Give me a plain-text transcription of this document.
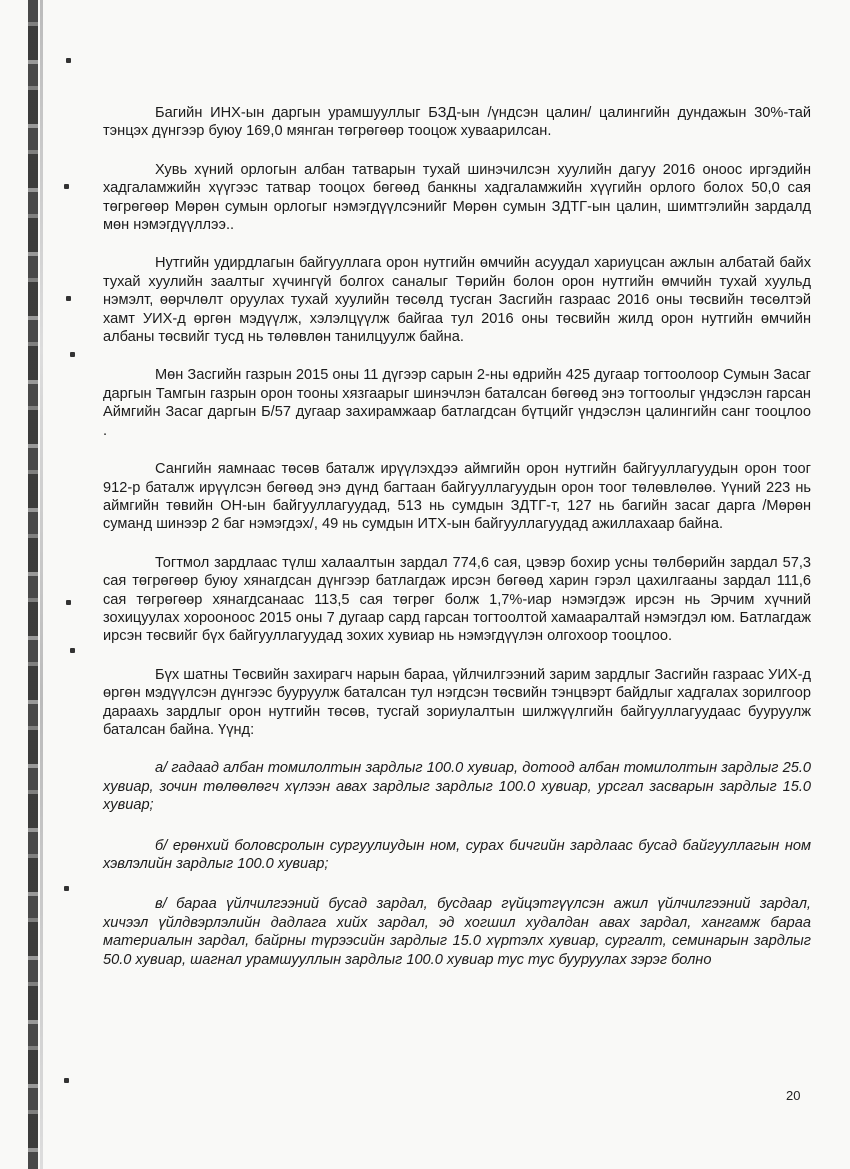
Багийн ИНХ-ын даргын урамшууллыг БЗД-ын /үндсэн цалин/ цалингийн дундажын 30%-тай тэнцэх дүнгээр буюу 169,0 мянган төгрөгөөр тооцож хуваарилсан.

Хувь хүний орлогын албан татварын тухай шинэчилсэн хуулийн дагуу 2016 оноос иргэдийн хадгаламжийн хүүгээс татвар тооцох бөгөөд банкны хадгаламжийн хүүгийн орлого болох 50,0 сая төгрөгөөр Мөрөн сумын орлогыг нэмэгдүүлсэнийг Мөрөн сумын ЗДТГ-ын цалин, шимтгэлийн зардалд мөн нэмэгдүүллээ..

Нутгийн удирдлагын байгууллага орон нутгийн өмчийн асуудал хариуцсан ажлын албатай байх тухай хуулийн заалтыг хүчингүй болгох саналыг Төрийн болон орон нутгийн өмчийн тухай хуульд нэмэлт, өөрчлөлт оруулах тухай хуулийн төсөлд тусган Засгийн газраас 2016 оны төсвийн төсөлтэй хамт УИХ-д өргөн мэдүүлж, хэлэлцүүлж байгаа тул 2016 оны төсвийн жилд орон нутгийн өмчийн албаны төсвийг тусд нь төлөвлөн танилцуулж байна.

Мөн Засгийн газрын 2015 оны 11 дүгээр сарын 2-ны өдрийн 425 дугаар тогтоолоор Сумын Засаг даргын Тамгын газрын орон тооны хязгаарыг шинэчлэн баталсан бөгөөд энэ тогтоолыг үндэслэн гарсан Аймгийн Засаг даргын Б/57 дугаар захирамжаар батлагдсан бүтцийг үндэслэн цалингийн санг тооцлоо .

Сангийн яамнаас төсөв баталж ирүүлэхдээ аймгийн орон нутгийн байгууллагуудын орон тоог 912-р баталж ирүүлсэн бөгөөд энэ дүнд багтаан байгууллагуудын орон тоог төлөвлөлөө. Үүний 223 нь аймгийн төвийн ОН-ын байгууллагуудад, 513 нь сумдын ЗДТГ-т, 127 нь багийн засаг дарга /Мөрөн суманд шинээр 2 баг нэмэгдэх/, 49 нь сумдын ИТХ-ын байгууллагуудад ажиллахаар байна.

Тогтмол зардлаас түлш халаалтын зардал 774,6 сая, цэвэр бохир усны төлбөрийн зардал 57,3 сая төгрөгөөр буюу хянагдсан дүнгээр батлагдаж ирсэн бөгөөд харин гэрэл цахилгааны зардал 111,6 сая төгрөгөөр хянагдсанаас 113,5 сая төгрөг болж 1,7%-иар нэмэгдэж ирсэн нь Эрчим хүчний зохицуулах хорооноос 2015 оны 7 дугаар сард гарсан тогтоолтой хамааралтай нэмэгдэл юм. Батлагдаж ирсэн төсвийг бүх байгууллагуудад зохих хувиар нь нэмэгдүүлэн олгохоор тооцлоо.

Бүх шатны Төсвийн захирагч нарын бараа, үйлчилгээний зарим зардлыг Засгийн газраас УИХ-д өргөн мэдүүлсэн дүнгээс бууруулж баталсан тул нэгдсэн төсвийн тэнцвэрт байдлыг хадгалах зорилгоор дараахь зардлыг орон нутгийн төсөв, тусгай зориулалтын шилжүүлгийн байгууллагуудаас бууруулж баталсан байна. Үүнд:

а/ гадаад албан томилолтын зардлыг 100.0 хувиар, дотоод албан томилолтын зардлыг 25.0 хувиар, зочин төлөөлөгч хүлээн авах зардлыг зардлыг 100.0 хувиар, урсгал засварын зардлыг 15.0 хувиар;

б/ ерөнхий боловсролын сургуулиудын ном, сурах бичгийн зардлаас бусад байгууллагын ном хэвлэлийн зардлыг 100.0 хувиар;

в/ бараа үйлчилгээний бусад зардал, бусдаар гүйцэтгүүлсэн ажил үйлчилгээний зардал, хичээл үйлдвэрлэлийн дадлага хийх зардал, эд хогшил худалдан авах зардал, хангамж бараа материалын зардал, байрны түрээсийн зардлыг 15.0 хүртэлх хувиар, сургалт, семинарын зардлыг 50.0 хувиар, шагнал урамшууллын зардлыг 100.0 хувиар тус тус бууруулах зэрэг болно

20
